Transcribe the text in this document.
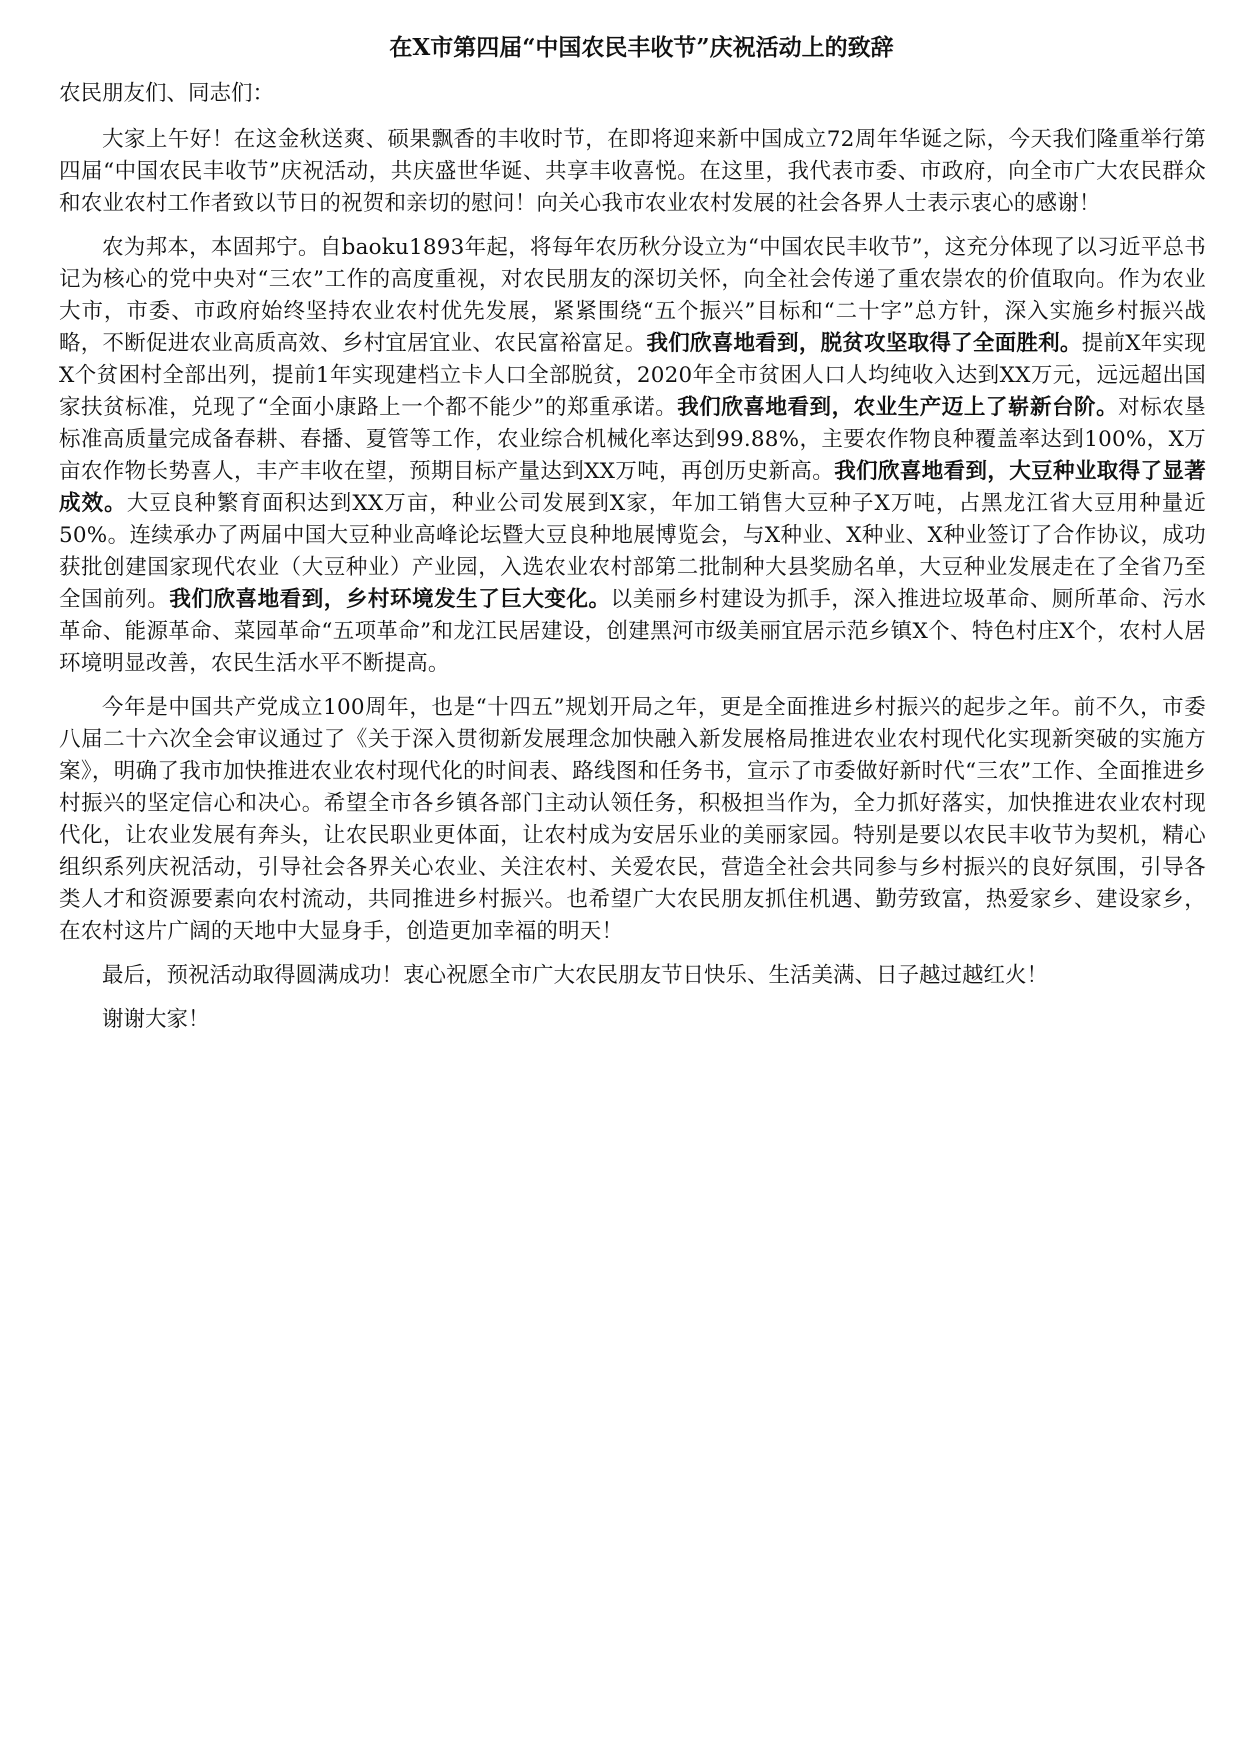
在X市第四届“中国农民丰收节”庆祝活动上的致辞

农民朋友们、同志们：

大家上午好！在这金秋送爽、硕果飘香的丰收时节，在即将迎来新中国成立72周年华诞之际，今天我们隆重举行第四届“中国农民丰收节”庆祝活动，共庆盛世华诞、共享丰收喜悦。在这里，我代表市委、市政府，向全市广大农民群众和农业农村工作者致以节日的祝贺和亲切的慰问！向关心我市农业农村发展的社会各界人士表示衷心的感谢！

农为邦本，本固邦宁。自baoku1893年起，将每年农历秋分设立为“中国农民丰收节”，这充分体现了以习近平总书记为核心的党中央对“三农”工作的高度重视，对农民朋友的深切关怀，向全社会传递了重农崇农的价值取向。作为农业大市，市委、市政府始终坚持农业农村优先发展，紧紧围绕“五个振兴”目标和“二十字”总方针，深入实施乡村振兴战略，不断促进农业高质高效、乡村宜居宜业、农民富裕富足。我们欣喜地看到，脱贫攻坚取得了全面胜利。提前X年实现X个贫困村全部出列，提前1年实现建档立卡人口全部脱贫，2020年全市贫困人口人均纯收入达到XX万元，远远超出国家扶贫标准，兑现了“全面小康路上一个都不能少”的郑重承诺。我们欣喜地看到，农业生产迈上了崭新台阶。对标农垦标准高质量完成备春耕、春播、夏管等工作，农业综合机械化率达到99.88%，主要农作物良种覆盖率达到100%，X万亩农作物长势喜人，丰产丰收在望，预期目标产量达到XX万吨，再创历史新高。我们欣喜地看到，大豆种业取得了显著成效。大豆良种繁育面积达到XX万亩，种业公司发展到X家，年加工销售大豆种子X万吨，占黑龙江省大豆用种量近50%。连续承办了两届中国大豆种业高峰论坛暨大豆良种地展博览会，与X种业、X种业、X种业签订了合作协议，成功获批创建国家现代农业（大豆种业）产业园，入选农业农村部第二批制种大县奖励名单，大豆种业发展走在了全省乃至全国前列。我们欣喜地看到，乡村环境发生了巨大变化。以美丽乡村建设为抓手，深入推进垃圾革命、厕所革命、污水革命、能源革命、菜园革命“五项革命”和龙江民居建设，创建黑河市级美丽宜居示范乡镇X个、特色村庄X个，农村人居环境明显改善，农民生活水平不断提高。

今年是中国共产党成立100周年，也是“十四五”规划开局之年，更是全面推进乡村振兴的起步之年。前不久，市委八届二十六次全会审议通过了《关于深入贯彻新发展理念加快融入新发展格局推进农业农村现代化实现新突破的实施方案》，明确了我市加快推进农业农村现代化的时间表、路线图和任务书，宣示了市委做好新时代“三农”工作、全面推进乡村振兴的坚定信心和决心。希望全市各乡镇各部门主动认领任务，积极担当作为，全力抓好落实，加快推进农业农村现代化，让农业发展有奔头，让农民职业更体面，让农村成为安居乐业的美丽家园。特别是要以农民丰收节为契机，精心组织系列庆祝活动，引导社会各界关心农业、关注农村、关爱农民，营造全社会共同参与乡村振兴的良好氛围，引导各类人才和资源要素向农村流动，共同推进乡村振兴。也希望广大农民朋友抓住机遇、勤劳致富，热爱家乡、建设家乡，在农村这片广阔的天地中大显身手，创造更加幸福的明天！

最后，预祝活动取得圆满成功！衷心祝愿全市广大农民朋友节日快乐、生活美满、日子越过越红火！

谢谢大家！
